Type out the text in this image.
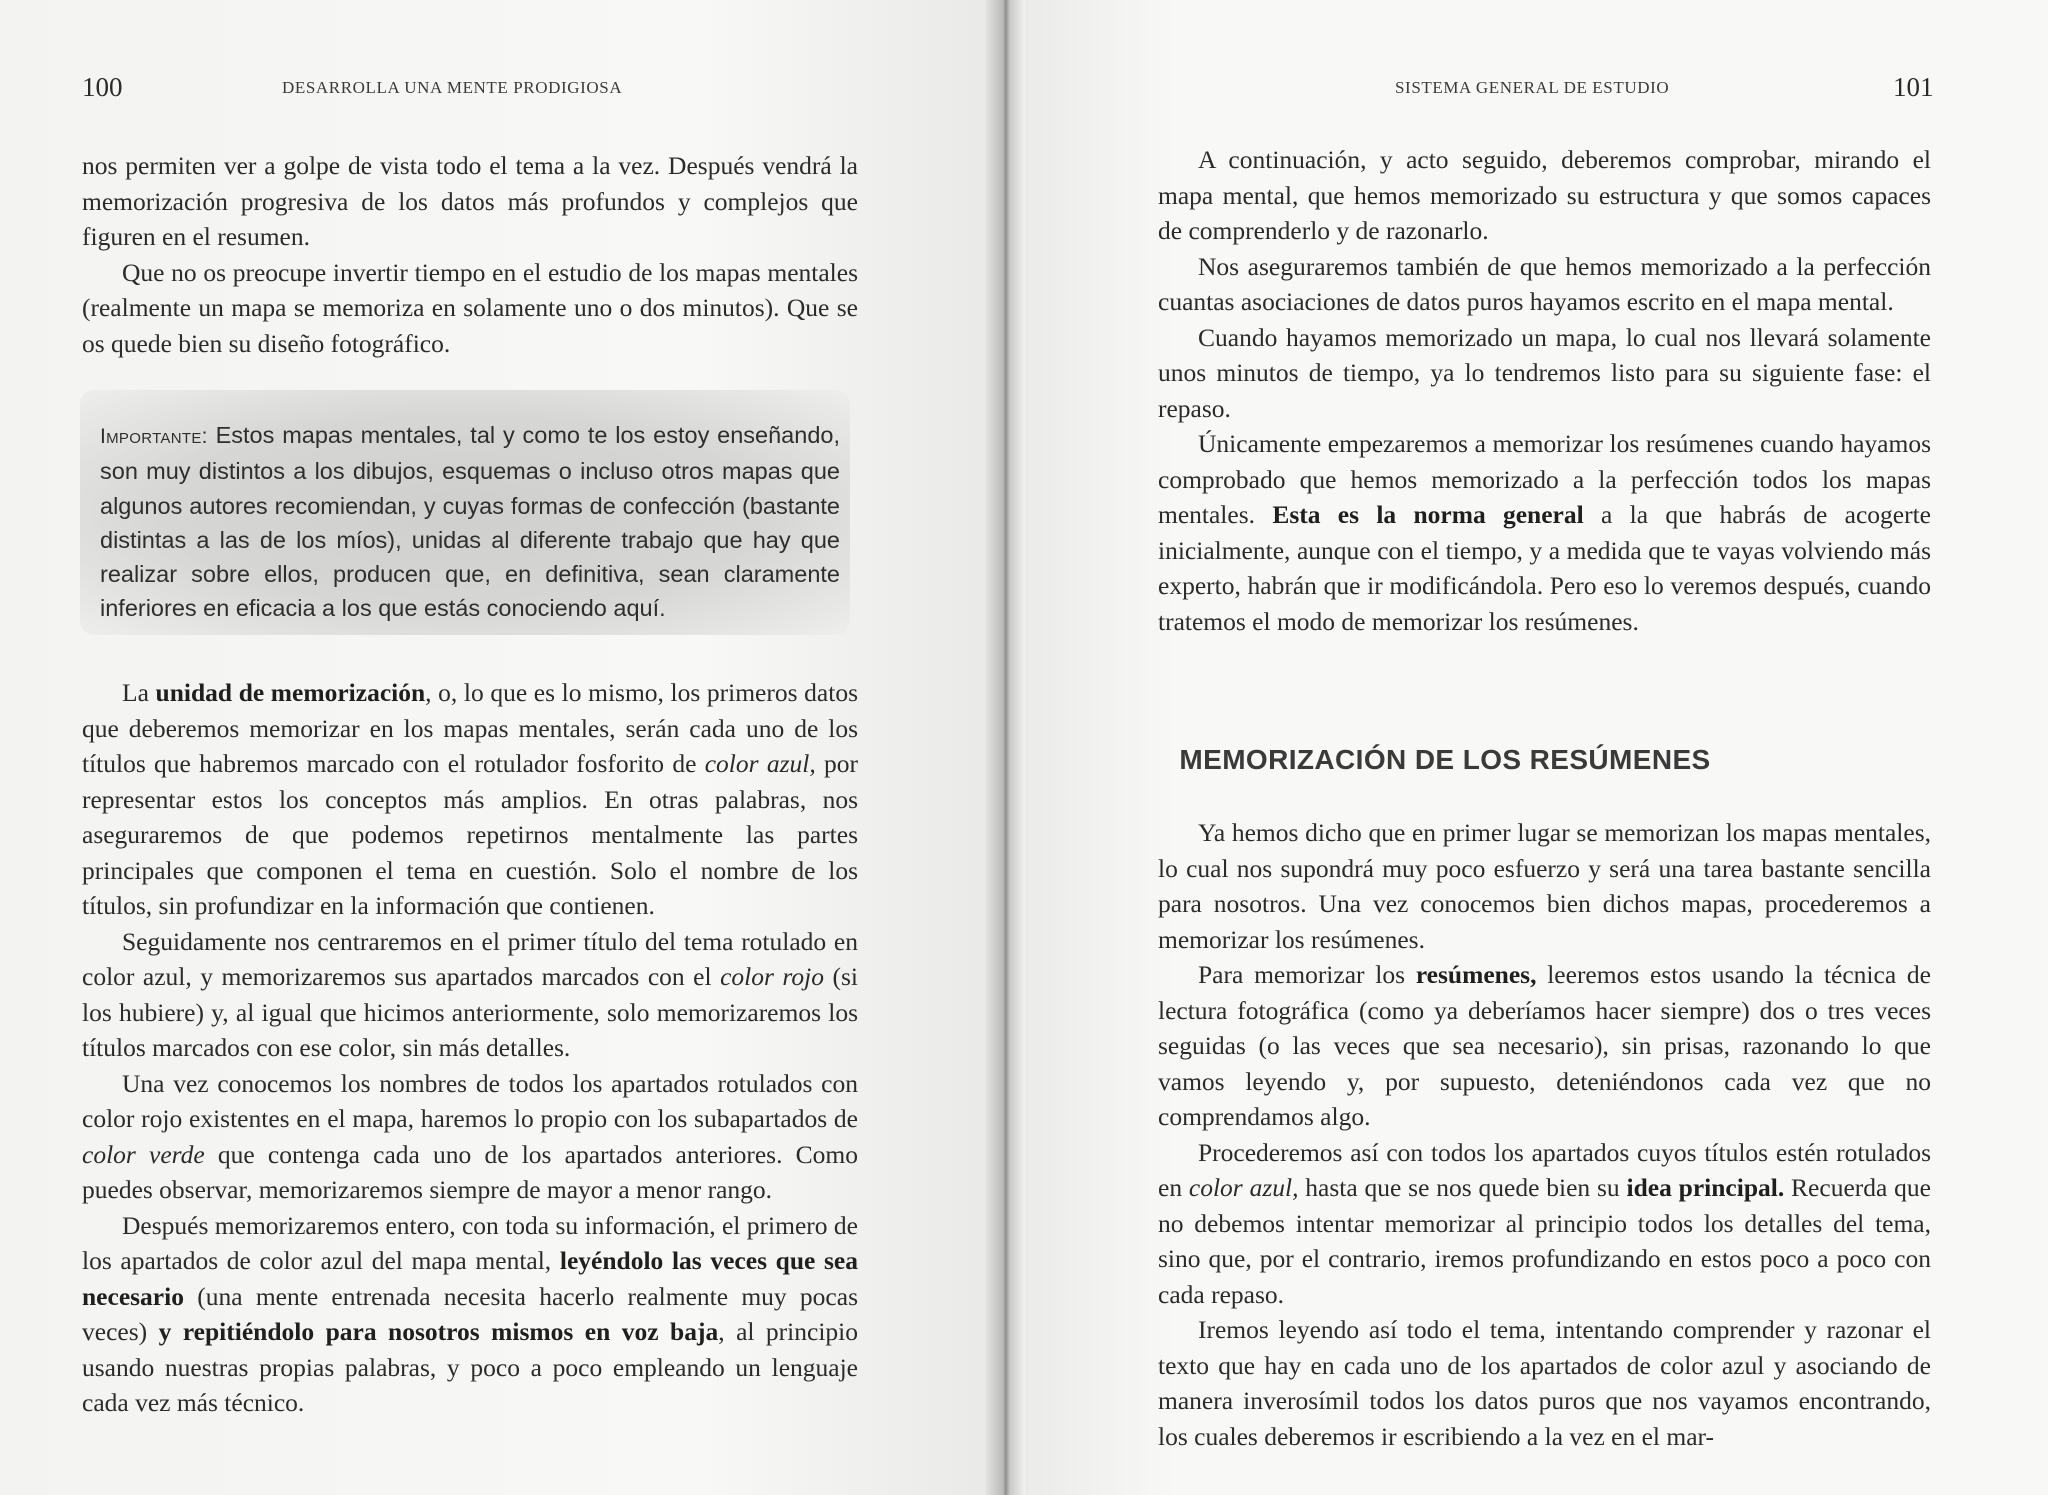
100	DESARROLLA UNA MENTE PRODIGIOSA

nos permiten ver a golpe de vista todo el tema a la vez. Después vendrá la memorización progresiva de los datos más profundos y complejos que figuren en el resumen.

Que no os preocupe invertir tiempo en el estudio de los mapas mentales (realmente un mapa se memoriza en solamente uno o dos minutos). Que se os quede bien su diseño fotográfico.

Importante: Estos mapas mentales, tal y como te los estoy enseñando, son muy distintos a los dibujos, esquemas o incluso otros mapas que algunos autores recomiendan, y cuyas formas de confección (bastante distintas a las de los míos), unidas al diferente trabajo que hay que realizar sobre ellos, producen que, en definitiva, sean claramente inferiores en eficacia a los que estás conociendo aquí.

La unidad de memorización, o, lo que es lo mismo, los primeros datos que deberemos memorizar en los mapas mentales, serán cada uno de los títulos que habremos marcado con el rotulador fosforito de color azul, por representar estos los conceptos más amplios. En otras palabras, nos aseguraremos de que podemos repetirnos mentalmente las partes principales que componen el tema en cuestión. Solo el nombre de los títulos, sin profundizar en la información que contienen.

Seguidamente nos centraremos en el primer título del tema rotulado en color azul, y memorizaremos sus apartados marcados con el color rojo (si los hubiere) y, al igual que hicimos anteriormente, solo memorizaremos los títulos marcados con ese color, sin más detalles.

Una vez conocemos los nombres de todos los apartados rotulados con color rojo existentes en el mapa, haremos lo propio con los subapartados de color verde que contenga cada uno de los apartados anteriores. Como puedes observar, memorizaremos siempre de mayor a menor rango.

Después memorizaremos entero, con toda su información, el primero de los apartados de color azul del mapa mental, leyéndolo las veces que sea necesario (una mente entrenada necesita hacerlo realmente muy pocas veces) y repitiéndolo para nosotros mismos en voz baja, al principio usando nuestras propias palabras, y poco a poco empleando un lenguaje cada vez más técnico.

SISTEMA GENERAL DE ESTUDIO	101

A continuación, y acto seguido, deberemos comprobar, mirando el mapa mental, que hemos memorizado su estructura y que somos capaces de comprenderlo y de razonarlo.

Nos aseguraremos también de que hemos memorizado a la perfección cuantas asociaciones de datos puros hayamos escrito en el mapa mental.

Cuando hayamos memorizado un mapa, lo cual nos llevará solamente unos minutos de tiempo, ya lo tendremos listo para su siguiente fase: el repaso.

Únicamente empezaremos a memorizar los resúmenes cuando hayamos comprobado que hemos memorizado a la perfección todos los mapas mentales. Esta es la norma general a la que habrás de acogerte inicialmente, aunque con el tiempo, y a medida que te vayas volviendo más experto, habrán que ir modificándola. Pero eso lo veremos después, cuando tratemos el modo de memorizar los resúmenes.

MEMORIZACIÓN DE LOS RESÚMENES

Ya hemos dicho que en primer lugar se memorizan los mapas mentales, lo cual nos supondrá muy poco esfuerzo y será una tarea bastante sencilla para nosotros. Una vez conocemos bien dichos mapas, procederemos a memorizar los resúmenes.

Para memorizar los resúmenes, leeremos estos usando la técnica de lectura fotográfica (como ya deberíamos hacer siempre) dos o tres veces seguidas (o las veces que sea necesario), sin prisas, razonando lo que vamos leyendo y, por supuesto, deteniéndonos cada vez que no comprendamos algo.

Procederemos así con todos los apartados cuyos títulos estén rotulados en color azul, hasta que se nos quede bien su idea principal. Recuerda que no debemos intentar memorizar al principio todos los detalles del tema, sino que, por el contrario, iremos profundizando en estos poco a poco con cada repaso.

Iremos leyendo así todo el tema, intentando comprender y razonar el texto que hay en cada uno de los apartados de color azul y asociando de manera inverosímil todos los datos puros que nos vayamos encontrando, los cuales deberemos ir escribiendo a la vez en el mar-
